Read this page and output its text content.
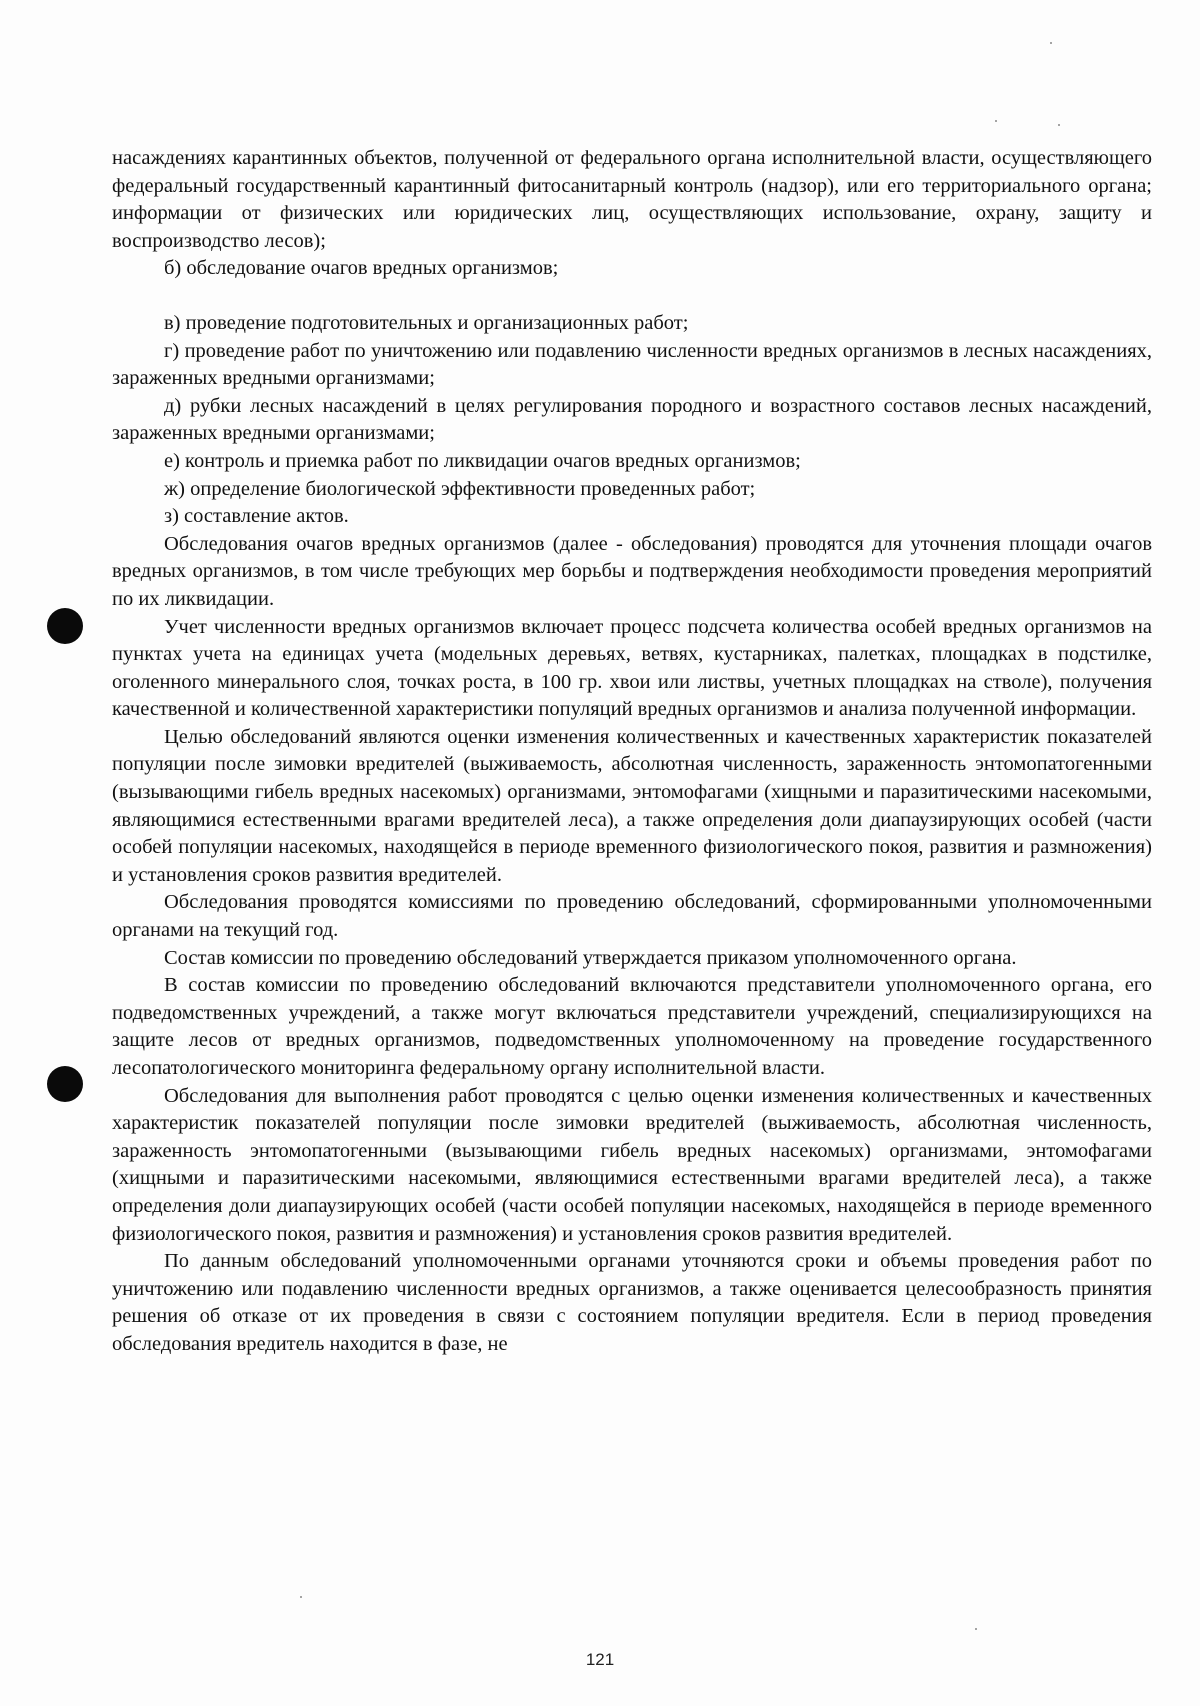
насаждениях карантинных объектов, полученной от федерального органа исполнительной власти, осуществляющего федеральный государственный карантинный фитосанитарный контроль (надзор), или его территориального органа; информации от физических или юридических лиц, осуществляющих использование, охрану, защиту и воспроизводство лесов);

б) обследование очагов вредных организмов;

в) проведение подготовительных и организационных работ;

г) проведение работ по уничтожению или подавлению численности вредных организмов в лесных насаждениях, зараженных вредными организмами;

д) рубки лесных насаждений в целях регулирования породного и возрастного составов лесных насаждений, зараженных вредными организмами;

е) контроль и приемка работ по ликвидации очагов вредных организмов;

ж) определение биологической эффективности проведенных работ;

з) составление актов.

Обследования очагов вредных организмов (далее - обследования) проводятся для уточнения площади очагов вредных организмов, в том числе требующих мер борьбы и подтверждения необходимости проведения мероприятий по их ликвидации.

Учет численности вредных организмов включает процесс подсчета количества особей вредных организмов на пунктах учета на единицах учета (модельных деревьях, ветвях, кустарниках, палетках, площадках в подстилке, оголенного минерального слоя, точках роста, в 100 гр. хвои или листвы, учетных площадках на стволе), получения качественной и количественной характеристики популяций вредных организмов и анализа полученной информации.

Целью обследований являются оценки изменения количественных и качественных характеристик показателей популяции после зимовки вредителей (выживаемость, абсолютная численность, зараженность энтомопатогенными (вызывающими гибель вредных насекомых) организмами, энтомофагами (хищными и паразитическими насекомыми, являющимися естественными врагами вредителей леса), а также определения доли диапаузирующих особей (части особей популяции насекомых, находящейся в периоде временного физиологического покоя, развития и размножения) и установления сроков развития вредителей.

Обследования проводятся комиссиями по проведению обследований, сформированными уполномоченными органами на текущий год.

Состав комиссии по проведению обследований утверждается приказом уполномоченного органа.

В состав комиссии по проведению обследований включаются представители уполномоченного органа, его подведомственных учреждений, а также могут включаться представители учреждений, специализирующихся на защите лесов от вредных организмов, подведомственных уполномоченному на проведение государственного лесопатологического мониторинга федеральному органу исполнительной власти.

Обследования для выполнения работ проводятся с целью оценки изменения количественных и качественных характеристик показателей популяции после зимовки вредителей (выживаемость, абсолютная численность, зараженность энтомопатогенными (вызывающими гибель вредных насекомых) организмами, энтомофагами (хищными и паразитическими насекомыми, являющимися естественными врагами вредителей леса), а также определения доли диапаузирующих особей (части особей популяции насекомых, находящейся в периоде временного физиологического покоя, развития и размножения) и установления сроков развития вредителей.

По данным обследований уполномоченными органами уточняются сроки и объемы проведения работ по уничтожению или подавлению численности вредных организмов, а также оценивается целесообразность принятия решения об отказе от их проведения в связи с состоянием популяции вредителя. Если в период проведения обследования вредитель находится в фазе, не

121
